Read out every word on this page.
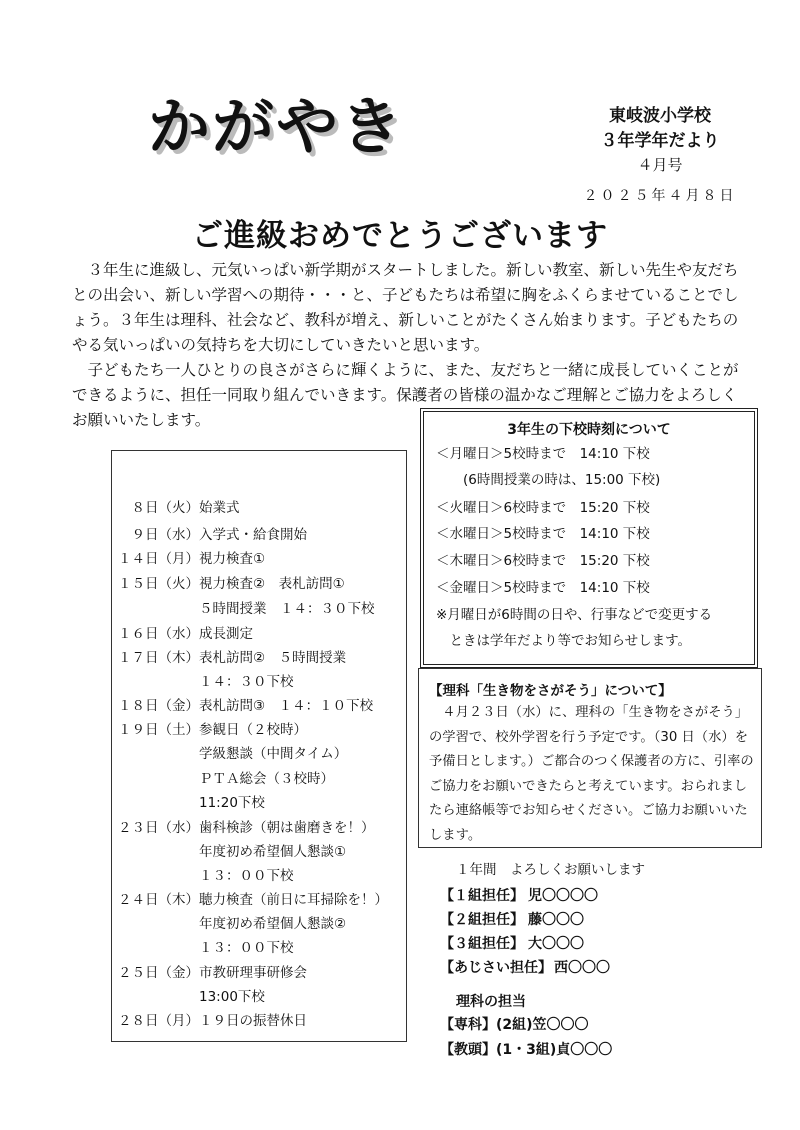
かがやき	東岐波小学校
３年学年だより
４月号
２０２５年４月８日
ご進級おめでとうございます

３年生に進級し、元気いっぱい新学期がスタートしました。新しい教室、新しい先生や友だちとの出会い、新しい学習への期待・・・と、子どもたちは希望に胸をふくらませていることでしょう。３年生は理科、社会など、教科が増え、新しいことがたくさん始まります。子どもたちのやる気いっぱいの気持ちを大切にしていきたいと思います。

子どもたち一人ひとりの良さがさらに輝くように、また、友だちと一緒に成長していくことができるように、担任一同取り組んでいきます。保護者の皆様の温かなご理解とご協力をよろしくお願いいたします。

　８日（火）始業式
　９日（水）入学式・給食開始
１４日（月）視力検査①
１５日（火）視力検査②　表札訪問①
　　　　　　５時間授業　１４：３０下校
１６日（水）成長測定
１７日（木）表札訪問②　５時間授業
　　　　　　１４：３０下校
１８日（金）表札訪問③　１４：１０下校
１９日（土）参観日（２校時）
　　　　　　学級懇談（中間タイム）
　　　　　　ＰＴＡ総会（３校時）
　　　　　　11:20下校
２３日（水）歯科検診（朝は歯磨きを！）
　　　　　　年度初め希望個人懇談①
　　　　　　１３：００下校
２４日（木）聴力検査（前日に耳掃除を！）
　　　　　　年度初め希望個人懇談②
　　　　　　１３：００下校
２５日（金）市教研理事研修会
　　　　　　13:00下校
２８日（月）１９日の振替休日
3年生の下校時刻について
＜月曜日＞5校時まで　14:10 下校
　　(6時間授業の時は、15:00 下校)
＜火曜日＞6校時まで　15:20 下校
＜水曜日＞5校時まで　14:10 下校
＜木曜日＞6校時まで　15:20 下校
＜金曜日＞5校時まで　14:10 下校
※月曜日が6時間の日や、行事などで変更する
　ときは学年だより等でお知らせします。
【理科「生き物をさがそう」について】

４月２３日（水）に、理科の「生き物をさがそう」の学習で、校外学習を行う予定です。（30 日（水）を予備日とします。）ご都合のつく保護者の方に、引率のご協力をお願いできたらと考えています。おられましたら連絡帳等でお知らせください。ご協力お願いいたします。

１年間　よろしくお願いします
【１組担任】 児〇〇〇〇
【２組担任】 藤〇〇〇
【３組担任】 大〇〇〇
【あじさい担任】 西〇〇〇
理科の担当
【専科】 (2組)笠〇〇〇
【教頭】 (1・3組)貞〇〇〇
